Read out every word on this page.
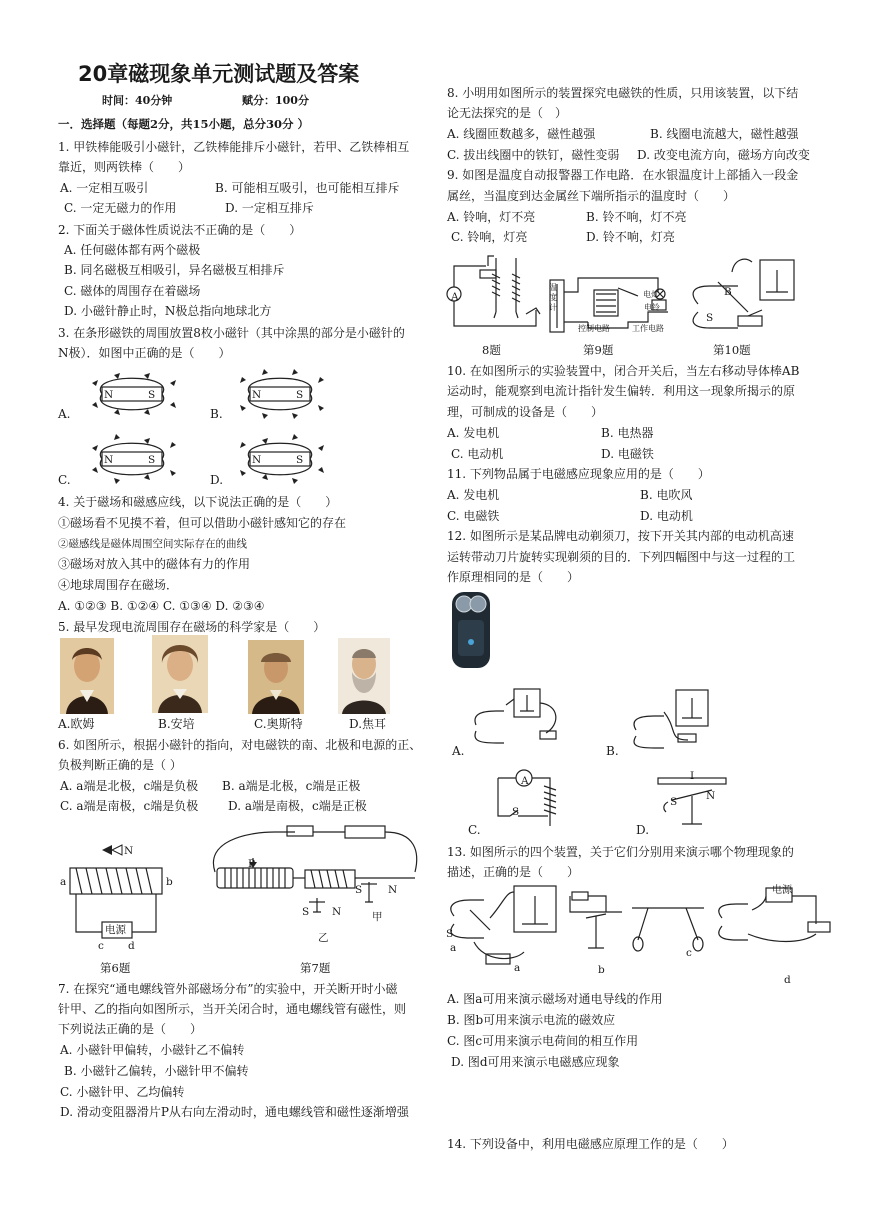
20章磁现象单元测试题及答案
时间：40分钟	赋分：100分
一．选择题（每题2分，共15小题，总分30分 ）
1. 甲铁棒能吸引小磁针，乙铁棒能排斥小磁针，若甲、乙铁棒相互
靠近，则两铁棒（　　）
A. 一定相互吸引	B. 可能相互吸引，也可能相互排斥
C. 一定无磁力的作用	D. 一定相互排斥
2. 下面关于磁体性质说法不正确的是（　　）
A. 任何磁体都有两个磁极
B. 同名磁极互相吸引，异名磁极互相排斥
C. 磁体的周围存在着磁场
D. 小磁针静止时，N极总指向地球北方
3. 在条形磁铁的周围放置8枚小磁针（其中涂黑的部分是小磁针的
N极）．如图中正确的是（　　）
N	S
A.
N	S
B.
N	S
C.
N	S
D.
4. 关于磁场和磁感应线，以下说法正确的是（　　）
①磁场看不见摸不着，但可以借助小磁针感知它的存在
②磁感线是磁体周围空间实际存在的曲线
③磁场对放入其中的磁体有力的作用
④地球周围存在磁场．
A. ①②③ B. ①②④ C. ①③④ D. ②③④
5. 最早发现电流周围存在磁场的科学家是（　　）
A.欧姆	B.安培	C.奥斯特	D.焦耳
6. 如图所示，根据小磁针的指向，对电磁铁的南、北极和电源的正、
负极判断正确的是（ ）
A. a端是北极，c端是负极 B. a端是北极，c端是正极
C. a端是南极，c端是负极 D. a端是南极，c端是正极
N
a	b
电源
c d
第6题
P
S N
S N
乙
甲
第7题
7. 在探究“通电螺线管外部磁场分布”的实验中，开关断开时小磁
针甲、乙的指向如图所示，当开关闭合时，通电螺线管有磁性，则
下列说法正确的是（　　）
A. 小磁针甲偏转，小磁针乙不偏转
B. 小磁针乙偏转，小磁针甲不偏转
C. 小磁针甲、乙均偏转
D. 滑动变阻器滑片P从右向左滑动时，通电螺线管和磁性逐渐增强
8. 小明用如图所示的装置探究电磁铁的性质，只用该装置，以下结
论无法探究的是（　）
A. 线圈匝数越多，磁性越强	B. 线圈电流越大，磁性越强
C. 拔出线圈中的铁钉，磁性变弱 D. 改变电流方向，磁场方向改变
9. 如图是温度自动报警器工作电路．在水银温度计上部插入一段金
属丝，当温度到达金属丝下端所指示的温度时（　　）
A. 铃响，灯不亮	B. 铃不响，灯不亮
C. 铃响，灯亮	D. 铃不响，灯亮
A
温度计
控制电路	工作电路
电灯
电铃
B
S
8题	第9题	第10题
10. 在如图所示的实验装置中，闭合开关后，当左右移动导体棒AB
运动时，能观察到电流计指针发生偏转．利用这一现象所揭示的原
理，可制成的设备是（　　）
A. 发电机	B. 电热器
C. 电动机	D. 电磁铁
11. 下列物品属于电磁感应现象应用的是（　　）
A. 发电机	B. 电吹风
C. 电磁铁	D. 电动机
12. 如图所示是某品牌电动剃须刀，按下开关其内部的电动机高速
运转带动刀片旋转实现剃须的目的．下列四幅图中与这一过程的工
作原理相同的是（　　）
A.	B.
A
S
C.
I
S	N
D.
13. 如图所示的四个装置，关于它们分别用来演示哪个物理现象的
描述，正确的是（　　）
S
a
a	b
c
电源
d
A. 图a可用来演示磁场对通电导线的作用
B. 图b可用来演示电流的磁效应
C. 图c可用来演示电荷间的相互作用
D. 图d可用来演示电磁感应现象
14. 下列设备中，利用电磁感应原理工作的是（　　）
